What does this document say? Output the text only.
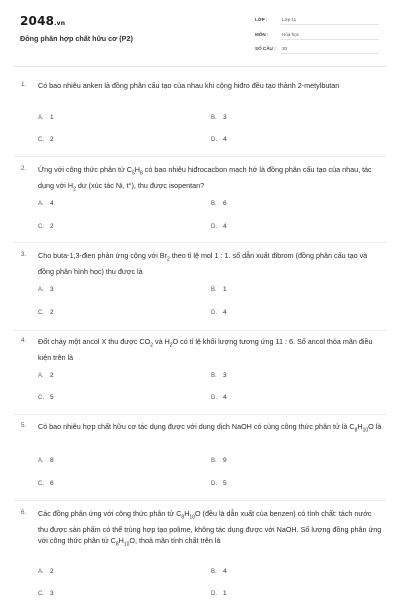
2048.vn
Đồng phân hợp chất hữu cơ (P2)
LỚP :	Lớp 11
MÔN :	Hóa học
SỐ CÂU : 30
1. Có bao nhiêu anken là đồng phân cấu tạo của nhau khi cộng hiđro đều tạo thành 2-metylbutan
A. 1	B. 3
C. 2	D. 4
2. Ứng với công thức phân tử $C_5H_8$ có bao nhiêu hiđrocacbon mạch hở là đồng phân cấu tạo của nhau, tác dụng với $H_2$ dư (xúc tác Ni, t°), thu được isopentan?
A. 4	B. 6
C. 2	D. 4
3. Cho buta-1,3-đien phản ứng cộng với $Br_2$ theo tỉ lệ mol 1 : 1. số dẫn xuất đibrom (đồng phân cấu tạo và đồng phân hình học) thu được là
A. 3	B. 1
C. 2	D. 4
4. Đốt cháy một ancol X thu được $CO_2$ và $H_2O$ có tỉ lệ khối lượng tương ứng 11 : 6. Số ancol thỏa mãn điều kiện trên là
A. 2	B. 3
C. 5	D. 4
5. Có bao nhiêu hợp chất hữu cơ tác dụng được với dung dịch NaOH có cùng công thức phân tử là $C_8H_{10}O$ là
A. 8	B. 9
C. 6	D. 5
6. Các đồng phân ứng với công thức phân tử $C_8H_{10}O$ (đều là dẫn xuất của benzen) có tính chất: tách nước thu được sản phẩm có thể trùng hợp tạo polime, không tác dụng được với NaOH. Số lượng đồng phân ứng với công thức phân tử $C_8H_{10}O$, thoả mãn tính chất trên là
A. 2	B. 4
C. 3	D. 1
